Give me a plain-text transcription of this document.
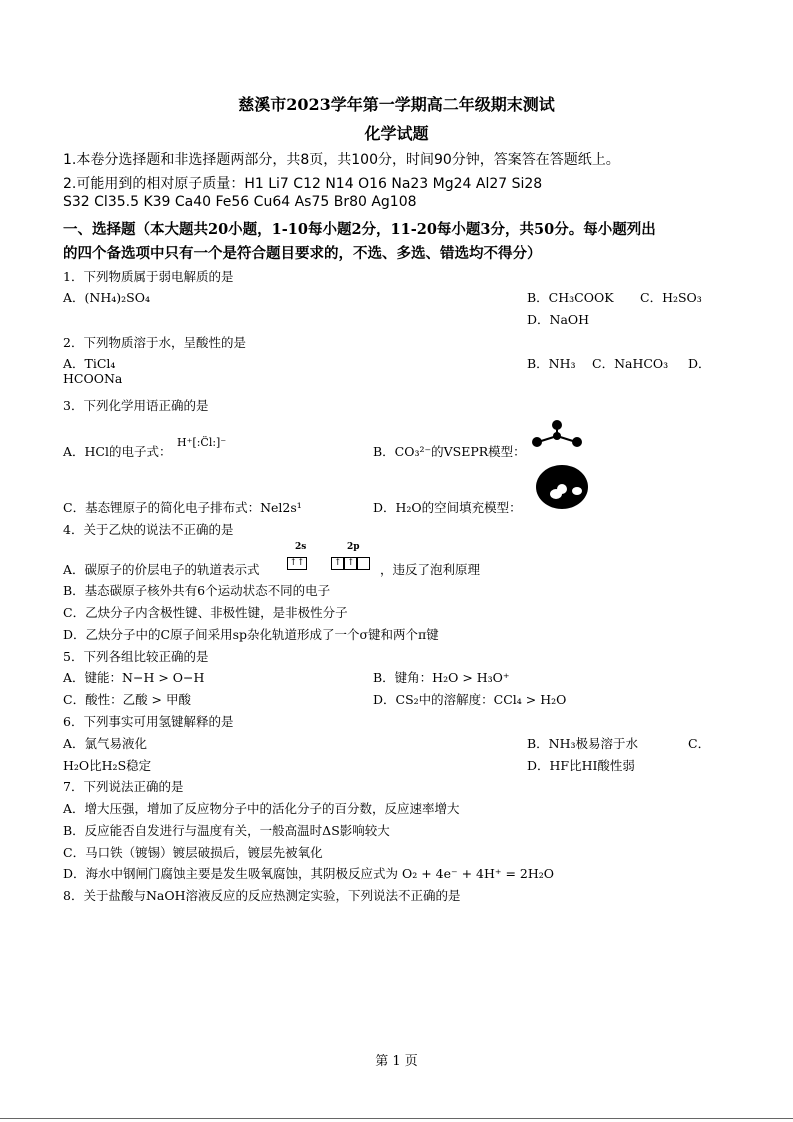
慈溪市2023学年第一学期高二年级期末测试
化学试题
1.本卷分选择题和非选择题两部分，共8页，共100分，时间90分钟，答案答在答题纸上。
2.可能用到的相对原子质量：H1 Li7 C12 N14 O16 Na23 Mg24 Al27 Si28
S32 Cl35.5 K39 Ca40 Fe56 Cu64 As75 Br80 Ag108
一、选择题（本大题共20小题，1-10每小题2分，11-20每小题3分，共50分。每小题列出
的四个备选项中只有一个是符合题目要求的，不选、多选、错选均不得分）
1．下列物质属于弱电解质的是
A．(NH₄)₂SO₄	B．CH₃COOK C．H₂SO₃
D．NaOH
2．下列物质溶于水，呈酸性的是
A．TiCl₄	B．NH₃ C．NaHCO₃ D．
HCOONa
3．下列化学用语正确的是
A．HCl的电子式：
H⁺[:C̈l:]⁻
B．CO₃²⁻的VSEPR模型：
C．基态锂原子的简化电子排布式：Nel2s¹	D．H₂O的空间填充模型：
4．关于乙炔的说法不正确的是
A．碳原子的价层电子的轨道表示式
2s	2p
↑↑	↑ ↑	，违反了泡利原理
B．基态碳原子核外共有6个运动状态不同的电子
C．乙炔分子内含极性键、非极性键，是非极性分子
D．乙炔分子中的C原子间采用sp杂化轨道形成了一个σ键和两个π键
5．下列各组比较正确的是
A．键能：N−H > O−H	B．键角：H₂O > H₃O⁺
C．酸性：乙酸 > 甲酸	D．CS₂中的溶解度：CCl₄ > H₂O
6．下列事实可用氢键解释的是
A．氯气易液化	B．NH₃极易溶于水	C．
H₂O比H₂S稳定	D．HF比HI酸性弱
7．下列说法正确的是
A．增大压强，增加了反应物分子中的活化分子的百分数，反应速率增大
B．反应能否自发进行与温度有关，一般高温时ΔS影响较大
C．马口铁（镀锡）镀层破损后，镀层先被氧化
D．海水中钢闸门腐蚀主要是发生吸氧腐蚀，其阴极反应式为 O₂ + 4e⁻ + 4H⁺ = 2H₂O
8．关于盐酸与NaOH溶液反应的反应热测定实验，下列说法不正确的是
第 1 页
